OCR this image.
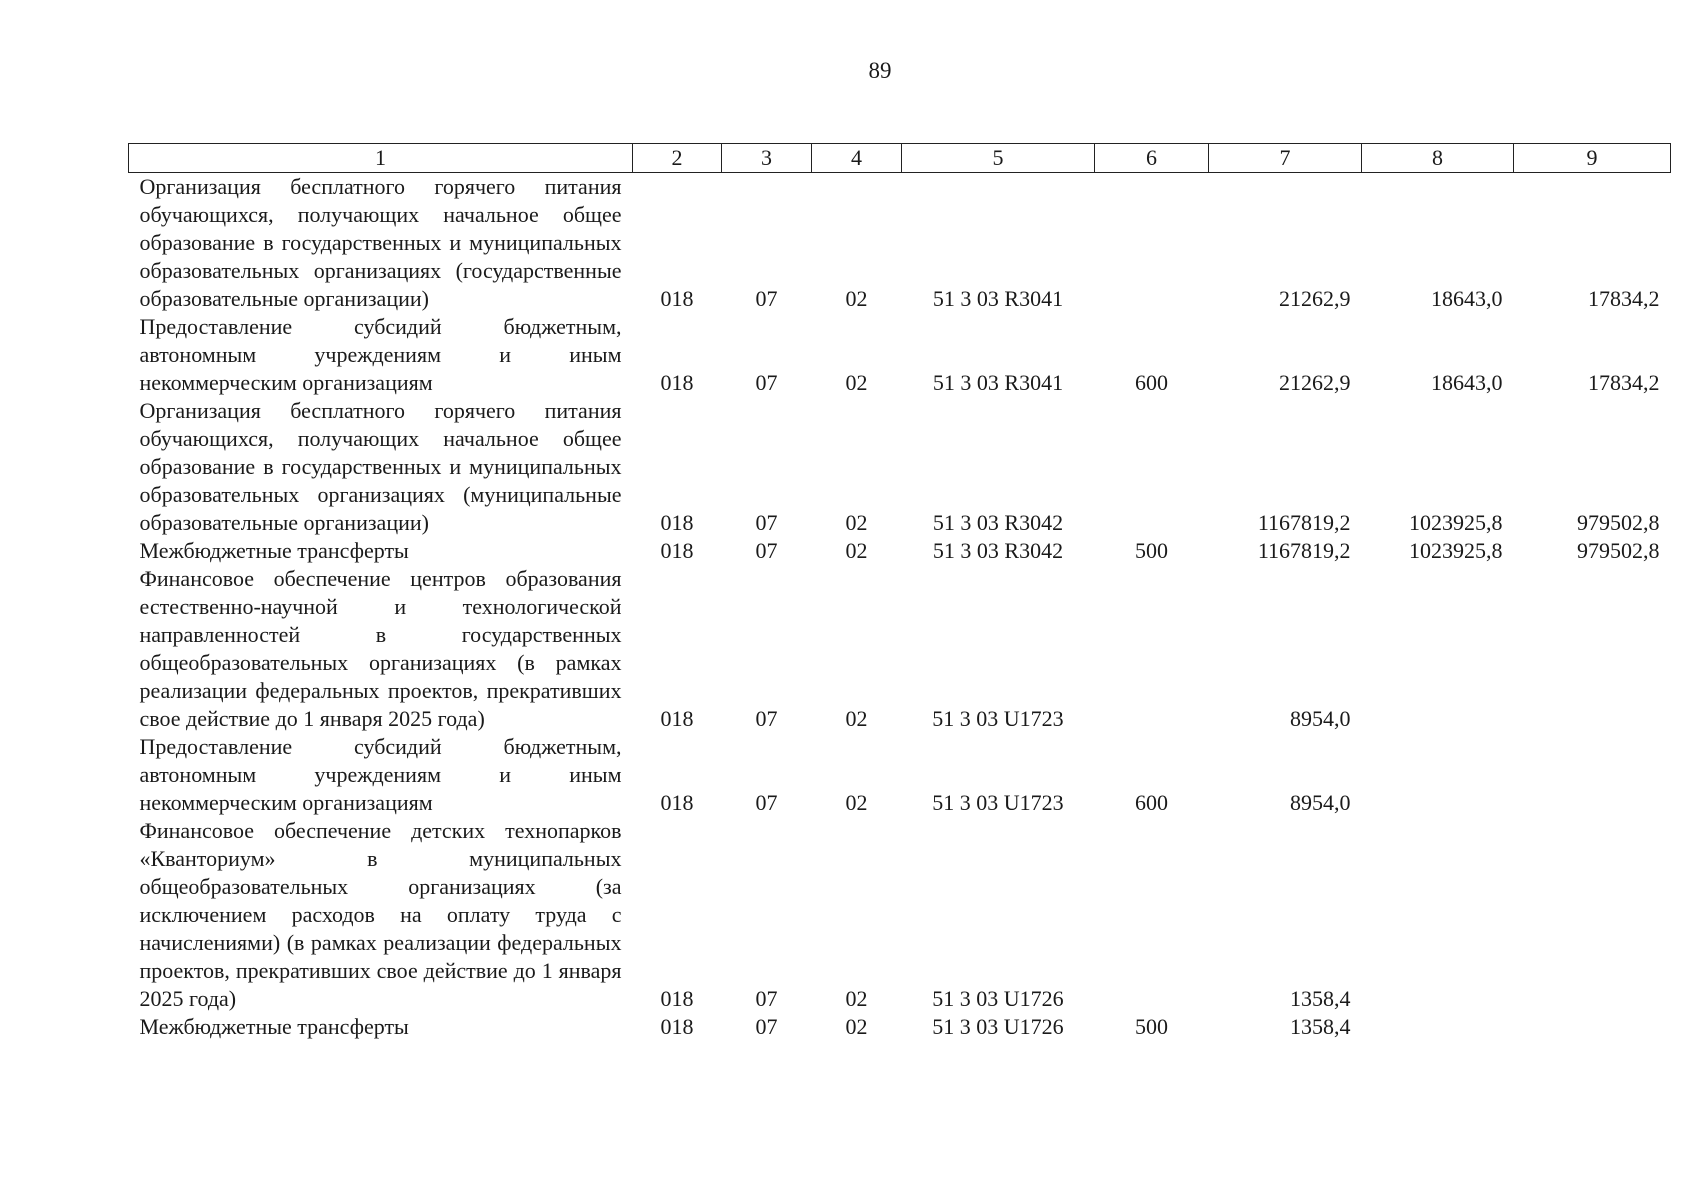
89
1	2	3	4	5	6	7	8	9
Организация бесплатного горячего питания обучающихся, получающих начальное общее образование в государственных и муниципальных образовательных организациях (государственные образовательные организации)	018	07	02	51 3 03 R3041		21262,9	18643,0	17834,2
Предоставление субсидий бюджетным, автономным учреждениям и иным некоммерческим организациям	018	07	02	51 3 03 R3041	600	21262,9	18643,0	17834,2
Организация бесплатного горячего питания обучающихся, получающих начальное общее образование в государственных и муниципальных образовательных организациях (муниципальные образовательные организации)	018	07	02	51 3 03 R3042		1167819,2	1023925,8	979502,8
Межбюджетные трансферты	018	07	02	51 3 03 R3042	500	1167819,2	1023925,8	979502,8
Финансовое обеспечение центров образования естественно-научной и технологической направленностей в государственных общеобразовательных организациях (в рамках реализации федеральных проектов, прекративших свое действие до 1 января 2025 года)	018	07	02	51 3 03 U1723		8954,0		
Предоставление субсидий бюджетным, автономным учреждениям и иным некоммерческим организациям	018	07	02	51 3 03 U1723	600	8954,0		
Финансовое обеспечение детских технопарков «Кванториум» в муниципальных общеобразовательных организациях (за исключением расходов на оплату труда с начислениями) (в рамках реализации федеральных проектов, прекративших свое действие до 1 января 2025 года)	018	07	02	51 3 03 U1726		1358,4		
Межбюджетные трансферты	018	07	02	51 3 03 U1726	500	1358,4		
